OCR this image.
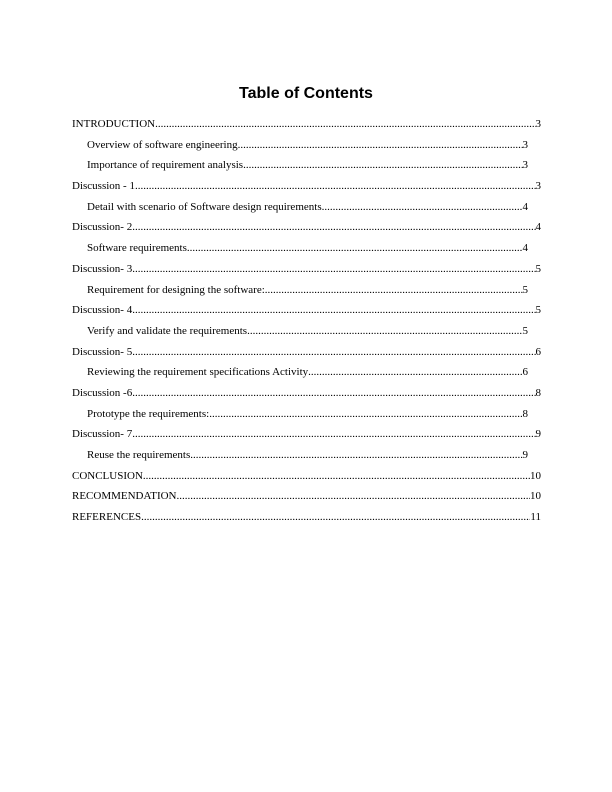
Table of Contents
INTRODUCTION .....	3
Overview of software engineering .....	3
Importance of requirement analysis .....	3
Discussion - 1 .....	3
Detail with scenario of Software design requirements .....	4
Discussion- 2 .....	4
Software requirements .....	4
Discussion- 3 .....	5
Requirement for designing the software: .....	5
Discussion- 4 .....	5
Verify and validate the requirements .....	5
Discussion- 5 .....	6
Reviewing the requirement specifications Activity .....	6
Discussion -6 .....	8
Prototype the requirements: .....	8
Discussion- 7 .....	9
Reuse the requirements .....	9
CONCLUSION .....	10
RECOMMENDATION .....	10
REFERENCES .....	11
